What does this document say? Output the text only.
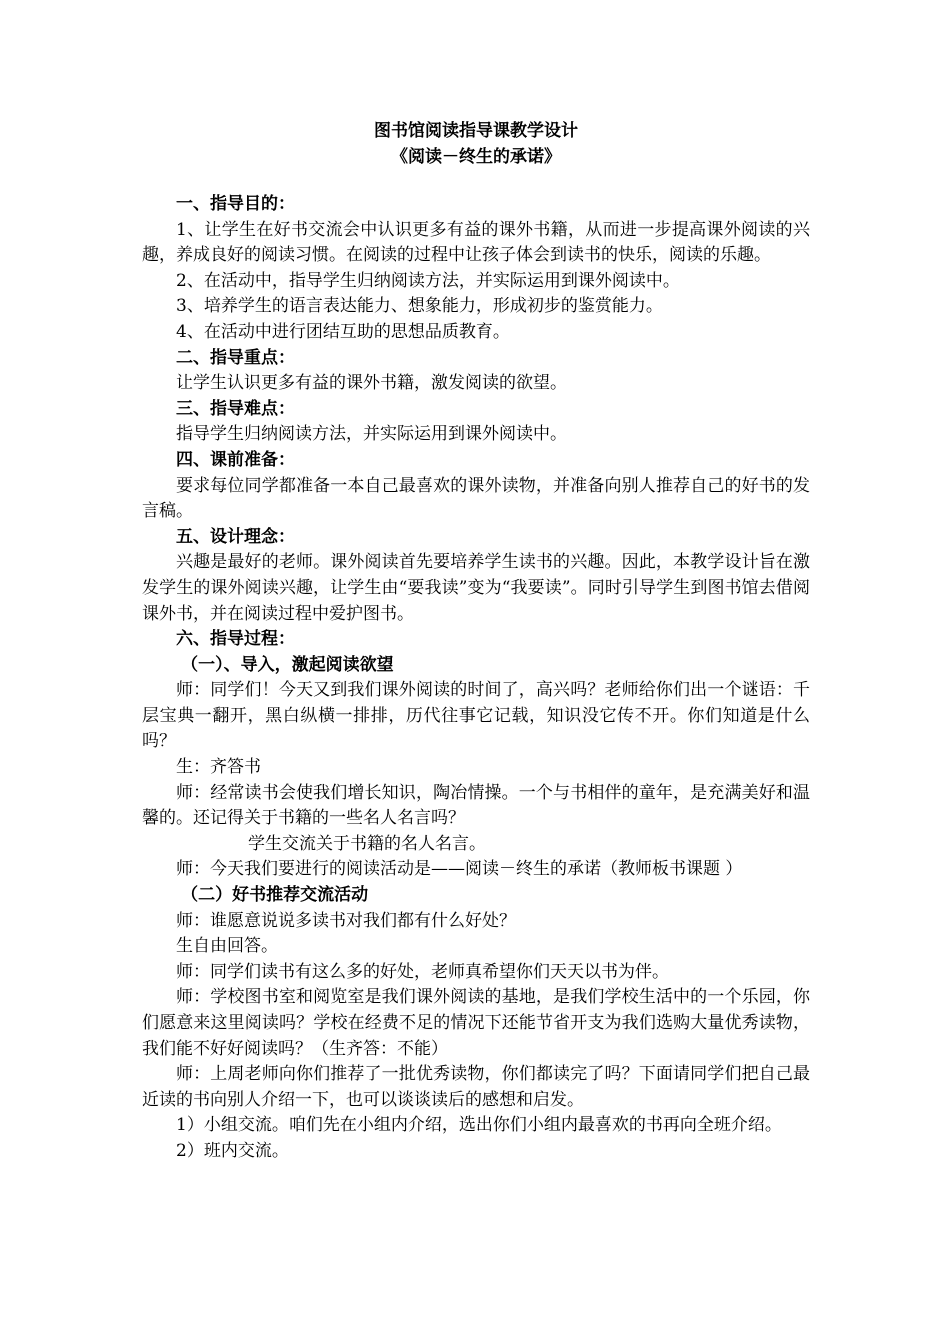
图书馆阅读指导课教学设计
《阅读－终生的承诺》

一、指导目的：

1、让学生在好书交流会中认识更多有益的课外书籍，从而进一步提高课外阅读的兴趣，养成良好的阅读习惯。在阅读的过程中让孩子体会到读书的快乐，阅读的乐趣。

2、在活动中，指导学生归纳阅读方法，并实际运用到课外阅读中。

3、培养学生的语言表达能力、想象能力，形成初步的鉴赏能力。

4、在活动中进行团结互助的思想品质教育。

二、指导重点：

让学生认识更多有益的课外书籍，激发阅读的欲望。

三、指导难点：

指导学生归纳阅读方法，并实际运用到课外阅读中。

四、课前准备：

要求每位同学都准备一本自己最喜欢的课外读物，并准备向别人推荐自己的好书的发言稿。

五、设计理念：

兴趣是最好的老师。课外阅读首先要培养学生读书的兴趣。因此，本教学设计旨在激发学生的课外阅读兴趣，让学生由“要我读”变为“我要读”。同时引导学生到图书馆去借阅课外书，并在阅读过程中爱护图书。

六、指导过程：

（一）、导入，激起阅读欲望

师：同学们！今天又到我们课外阅读的时间了，高兴吗？老师给你们出一个谜语：千层宝典一翻开，黑白纵横一排排，历代往事它记载，知识没它传不开。你们知道是什么吗？

生：齐答书

师：经常读书会使我们增长知识，陶冶情操。一个与书相伴的童年，是充满美好和温馨的。还记得关于书籍的一些名人名言吗？

学生交流关于书籍的名人名言。

师：今天我们要进行的阅读活动是——阅读－终生的承诺（教师板书课题 ）

（二）好书推荐交流活动

师：谁愿意说说多读书对我们都有什么好处？

生自由回答。

师：同学们读书有这么多的好处，老师真希望你们天天以书为伴。

师：学校图书室和阅览室是我们课外阅读的基地，是我们学校生活中的一个乐园，你们愿意来这里阅读吗？学校在经费不足的情况下还能节省开支为我们选购大量优秀读物，我们能不好好阅读吗？（生齐答：不能）

师：上周老师向你们推荐了一批优秀读物，你们都读完了吗？下面请同学们把自己最近读的书向别人介绍一下，也可以谈谈读后的感想和启发。

1）小组交流。咱们先在小组内介绍，选出你们小组内最喜欢的书再向全班介绍。

2）班内交流。
